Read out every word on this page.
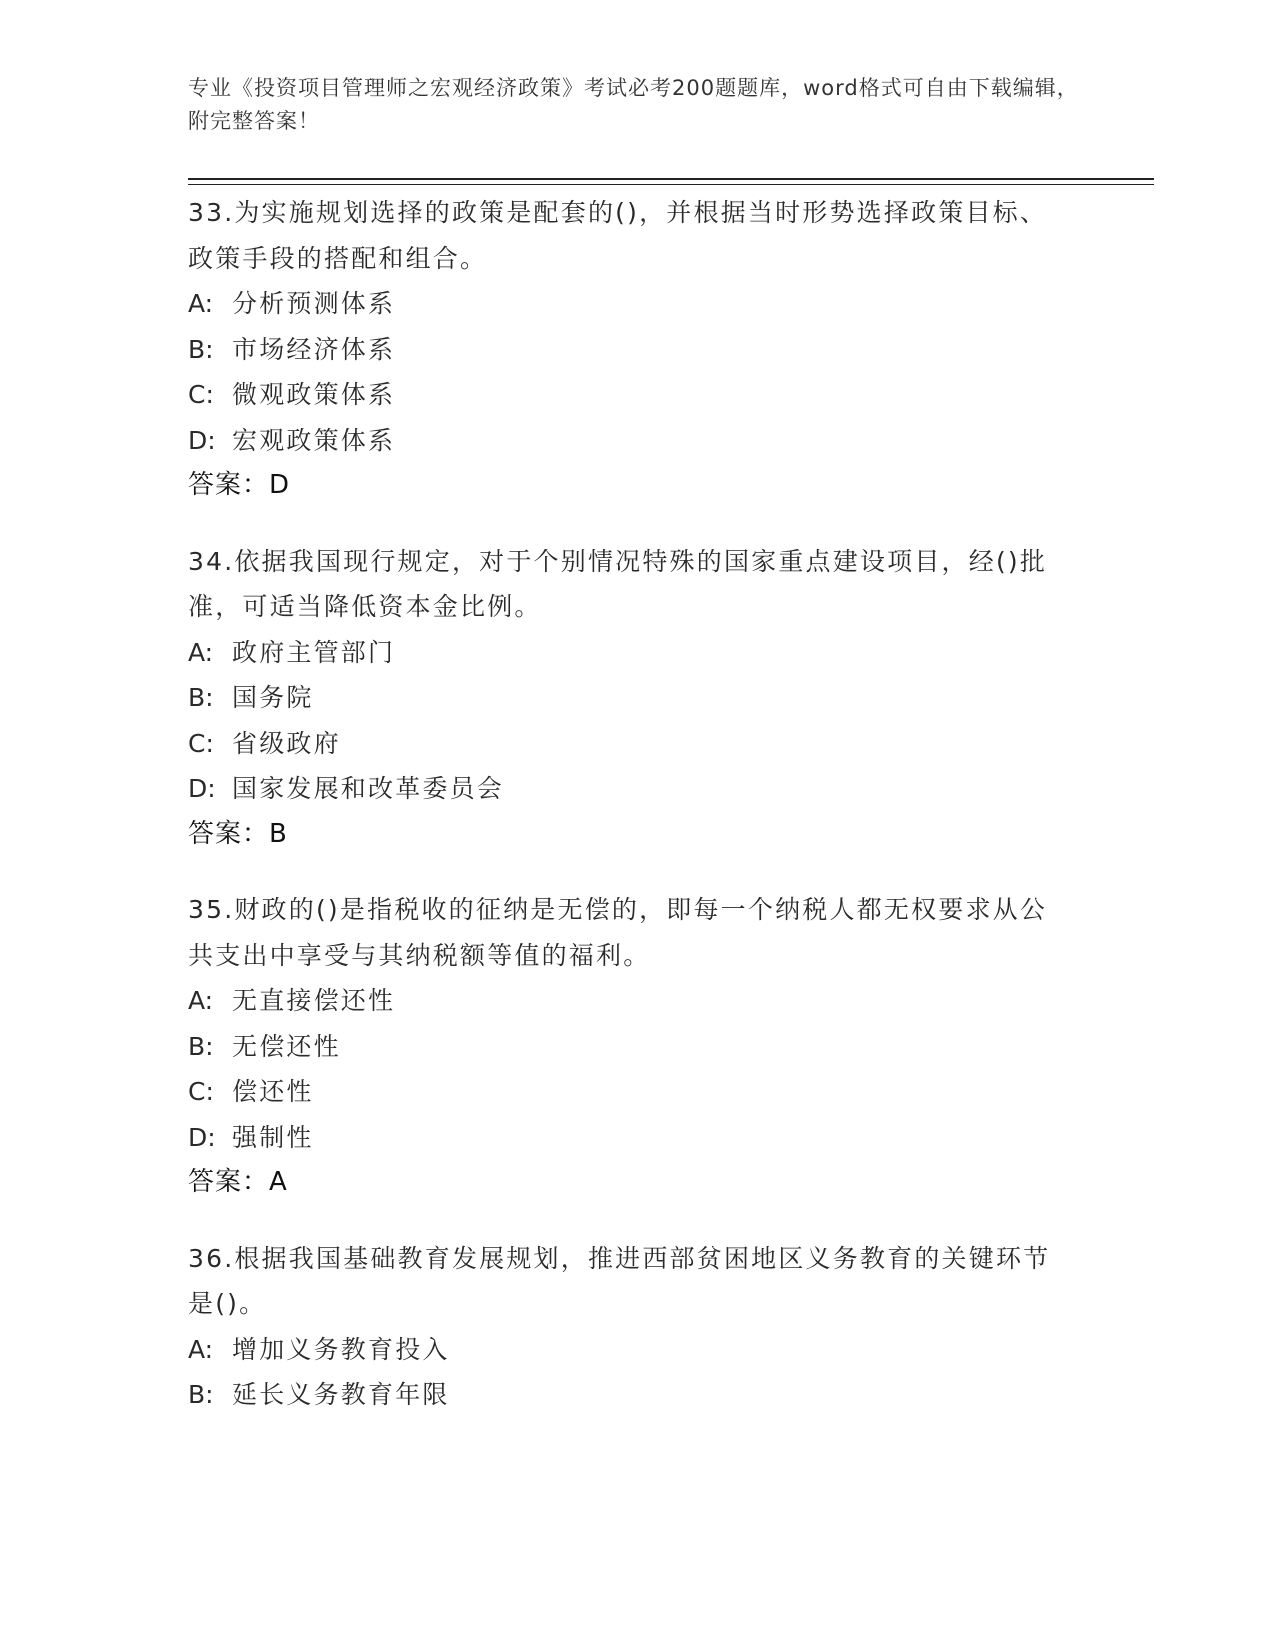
专业《投资项目管理师之宏观经济政策》考试必考200题题库，word格式可自由下载编辑，附完整答案！
33.为实施规划选择的政策是配套的()，并根据当时形势选择政策目标、政策手段的搭配和组合。
A: 分析预测体系
B: 市场经济体系
C: 微观政策体系
D: 宏观政策体系
答案：D
34.依据我国现行规定，对于个别情况特殊的国家重点建设项目，经()批准，可适当降低资本金比例。
A: 政府主管部门
B: 国务院
C: 省级政府
D: 国家发展和改革委员会
答案：B
35.财政的()是指税收的征纳是无偿的，即每一个纳税人都无权要求从公共支出中享受与其纳税额等值的福利。
A: 无直接偿还性
B: 无偿还性
C: 偿还性
D: 强制性
答案：A
36.根据我国基础教育发展规划，推进西部贫困地区义务教育的关键环节是()。
A: 增加义务教育投入
B: 延长义务教育年限
